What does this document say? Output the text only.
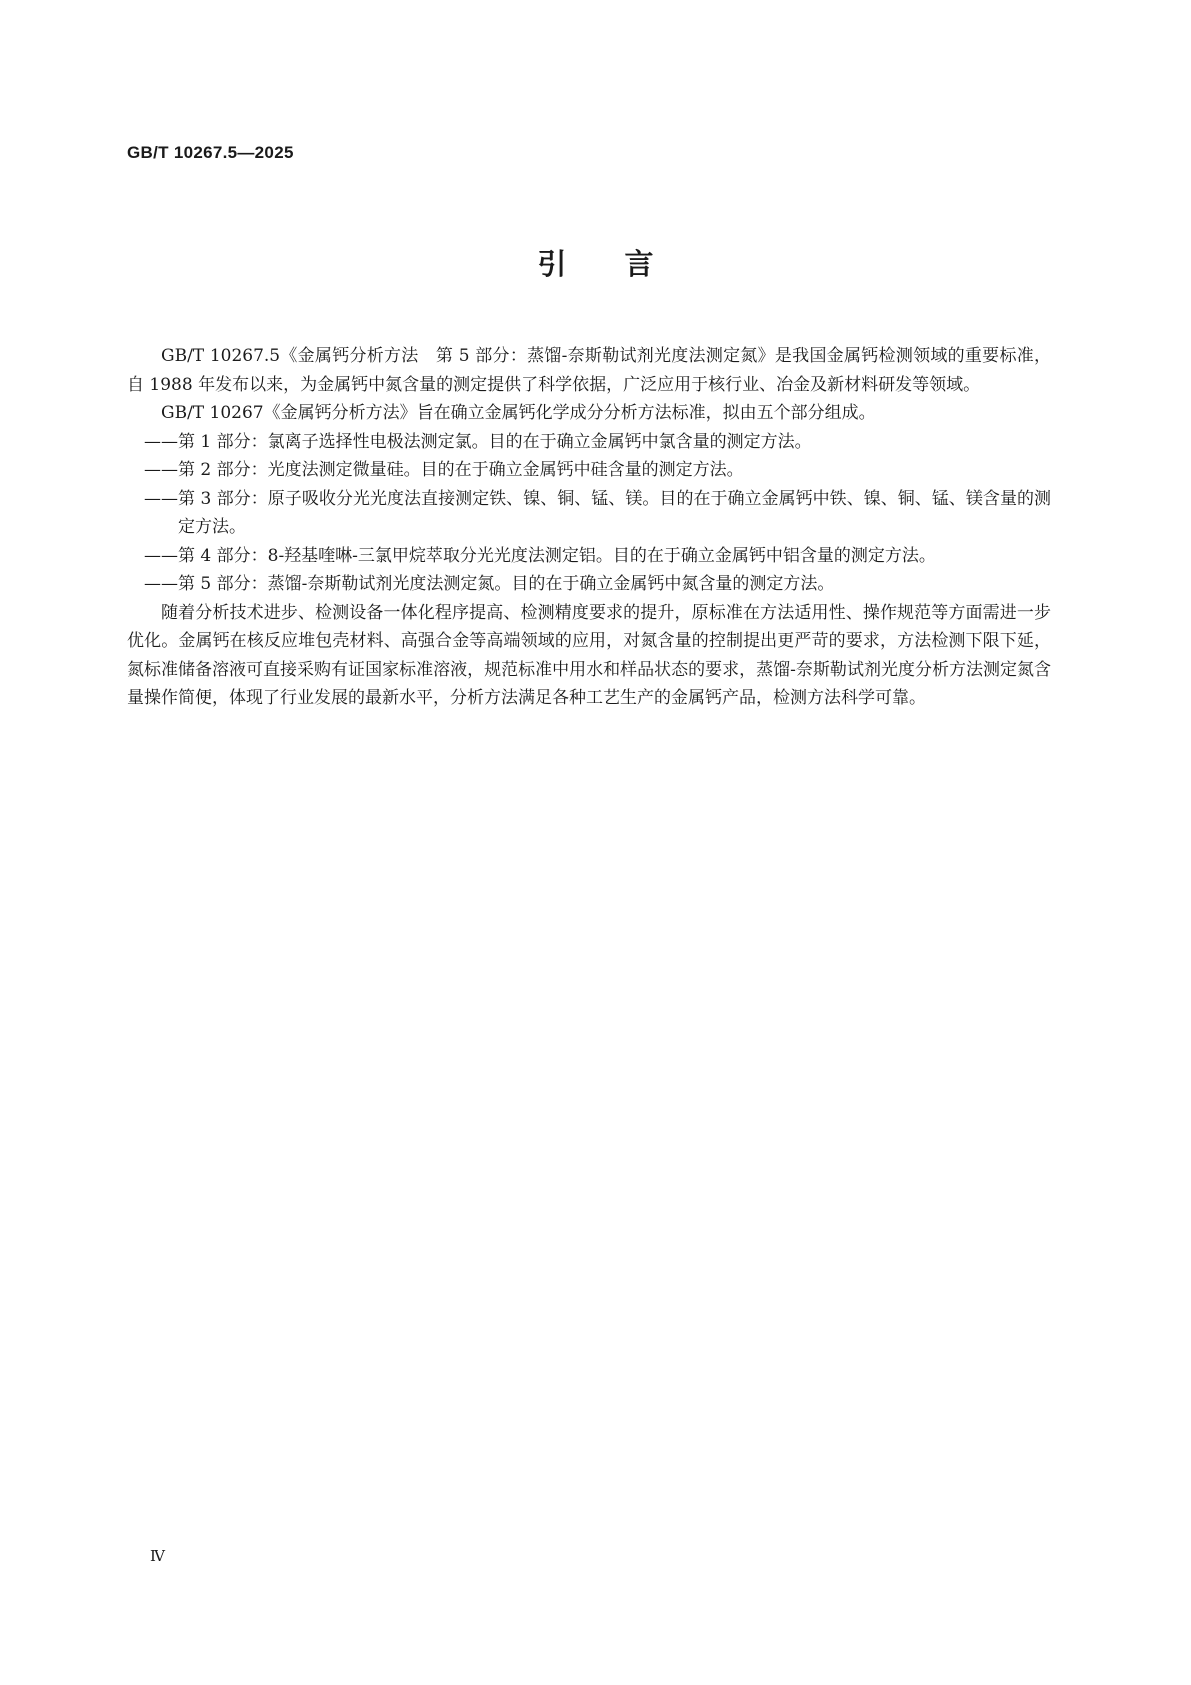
GB/T 10267.5—2025
引言

GB/T 10267.5《金属钙分析方法　第 5 部分：蒸馏-奈斯勒试剂光度法测定氮》是我国金属钙检测领域的重要标准，自 1988 年发布以来，为金属钙中氮含量的测定提供了科学依据，广泛应用于核行业、冶金及新材料研发等领域。

GB/T 10267《金属钙分析方法》旨在确立金属钙化学成分分析方法标准，拟由五个部分组成。

——第 1 部分：氯离子选择性电极法测定氯。目的在于确立金属钙中氯含量的测定方法。

——第 2 部分：光度法测定微量硅。目的在于确立金属钙中硅含量的测定方法。

——第 3 部分：原子吸收分光光度法直接测定铁、镍、铜、锰、镁。目的在于确立金属钙中铁、镍、铜、锰、镁含量的测定方法。

——第 4 部分：8-羟基喹啉-三氯甲烷萃取分光光度法测定铝。目的在于确立金属钙中铝含量的测定方法。

——第 5 部分：蒸馏-奈斯勒试剂光度法测定氮。目的在于确立金属钙中氮含量的测定方法。

随着分析技术进步、检测设备一体化程序提高、检测精度要求的提升，原标准在方法适用性、操作规范等方面需进一步优化。金属钙在核反应堆包壳材料、高强合金等高端领域的应用，对氮含量的控制提出更严苛的要求，方法检测下限下延，氮标准储备溶液可直接采购有证国家标准溶液，规范标准中用水和样品状态的要求，蒸馏-奈斯勒试剂光度分析方法测定氮含量操作简便，体现了行业发展的最新水平，分析方法满足各种工艺生产的金属钙产品，检测方法科学可靠。

Ⅳ
